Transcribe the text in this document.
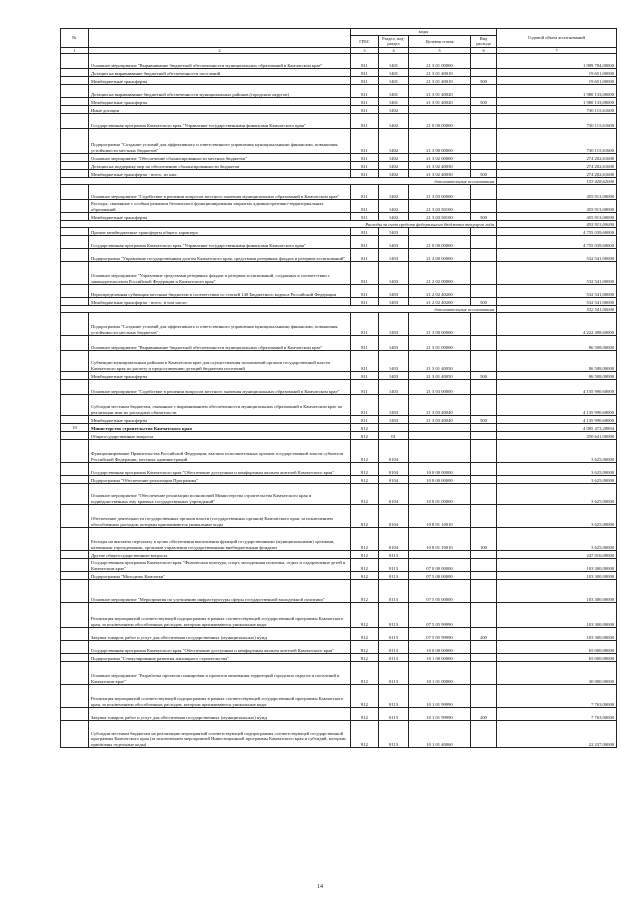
№		коды				Годовой объем ассигнований
		ГРБС	Раздел, под-раздел	Целевая статья	Вид расхода	
1	2	3	4	5	6	7
	Основное мероприятие "Выравнивание бюджетной обеспеченности муниципальных образований в Камчатском крае"	811	1401	21 3 01 00000		1 999 784,00000
	Дотации на выравнивание бюджетной обеспеченности поселений	811	1401	21 3 01 40010		19 651,00000
	Межбюджетные трансферты	811	1401	21 3 01 40010	500	19 651,00000
	Дотации на выравнивание бюджетной обеспеченности муниципальных районов (городских округов)	811	1401	21 3 01 40020		1 980 133,00000
	Межбюджетные трансферты	811	1401	21 3 01 40020	500	1 980 133,00000
	Иные дотации	811	1402			730 115,61600
	Государственная программа Камчатского края "Управление государственными финансами Камчатского края"	811	1402	21 0 00 00000		730 115,61600
	Подпрограмма "Создание условий для эффективного и ответственного управления муниципальными финансами, повышения устойчивости местных бюджетов"	811	1402	21 3 00 00000		730 115,61600
	Основное мероприятие "Обеспечение сбалансированности местных бюджетов"	811	1402	21 3 02 00000		274 202,61600
	Дотации на поддержку мер по обеспечению сбалансированности бюджетов	811	1402	21 3 02 40030		274 202,61600
	Межбюджетные трансферты - всего, из них:	811	1402	21 3 02 40030	500	274 202,61600
дополнительные ассигнования						153 428,62000
	Основное мероприятие "Содействие в решении вопросов местного значения муниципальных образований в Камчатском крае"	811	1402	21 3 03 00000		455 913,00000
	Расходы, связанные с особым режимом безопасного функционирования закрытых административно-территориальных образований	811	1402	21 3 03 50100		455 913,00000
	Межбюджетные трансферты	811	1402	21 3 03 50100	500	455 913,00000
Расходы за счет средств федерального бюджета текущего года						455 913,00000
	Прочие межбюджетные трансферты общего характера	811	1403			4 755 039,60000
	Государственная программа Камчатского края "Управление государственными финансами Камчатского края"	811	1403	21 0 00 00000		4 755 039,60000
	Подпрограмма "Управление государственным долгом Камчатского края, средствами резервных фондов и резервов ассигнований"	811	1403	21 2 00 00000		532 541,00000
	Основное мероприятие "Управление средствами резервных фондов и резервов ассигнований, созданных в соответствии с законодательством Российской Федерации и Камчатского края"	811	1403	21 2 02 00000		532 541,00000
	Нераспределенная субвенция местным бюджетам в соответствии со статьей 140 Бюджетного кодекса Российской Федерации	811	1403	21 2 02 40200		532 541,00000
	Межбюджетные трансферты - всего, в том числе:	811	1403	21 2 02 40200	500	532 541,00000
дополнительные ассигнования						532 541,00000
	Подпрограмма "Создание условий для эффективного и ответственного управления муниципальными финансами, повышения устойчивости местных бюджетов"	811	1403	21 3 00 00000		4 222 498,60000
	Основное мероприятие "Выравнивание бюджетной обеспеченности муниципальных образований в Камчатском крае"	811	1403	21 3 01 00000		86 508,00000
	Субвенции муниципальным районам в Камчатском крае для осуществления полномочий органов государственной власти Камчатского края по расчету и предоставлению дотаций бюджетам поселений	811	1403	21 3 01 40050		86 508,00000
	Межбюджетные трансферты	811	1403	21 3 01 40050	500	86 508,00000
	Основное мероприятие "Содействие в решении вопросов местного значения муниципальных образований в Камчатском крае"	811	1403	21 3 03 00000		4 135 990,60000
	Субсидии местным бюджетам, связанные с выравниванием обеспеченности муниципальных образований в Камчатском крае по реализации ими их расходных обязательств	811	1403	21 3 03 40040		4 135 990,60000
	Межбюджетные трансферты	811	1403	21 3 03 40040	500	4 135 990,60000
10	Министерство строительства Камчатского края	812				4 085 473,28894
	Общегосударственные вопросы	812	01			250 641,00000
	Функционирование Правительства Российской Федерации, высших исполнительных органов государственной власти субъектов Российской Федерации, местных администраций	812	0104			3 625,00000
	Государственная программа Камчатского края "Обеспечение доступным и комфортным жильем жителей Камчатского края"	812	0104	10 0 00 00000		3 625,00000
	Подпрограмма "Обеспечение реализации Программы"	812	0104	10 8 00 00000		3 625,00000
	Основное мероприятие "Обеспечение реализации полномочий Министерства строительства Камчатского края и подведомственных ему краевых государственных учреждений"	812	0104	10 8 01 00000		3 625,00000
	Обеспечение деятельности государственных органов власти (государственных органов) Камчатского края, за исключением обособленных расходов, которым присваиваются уникальные коды	812	0104	10 8 01 10010		3 625,00000
	Расходы на выплаты персоналу в целях обеспечения выполнения функций государственными (муниципальными) органами, казенными учреждениями, органами управления государственными внебюджетными фондами	812	0104	10 8 01 10010	100	3 625,00000
	Другие общегосударственные вопросы	812	0113			247 016,00000
	Государственная программа Камчатского края "Физическая культура, спорт, молодежная политика, отдых и оздоровление детей в Камчатском крае"	812	0113	07 0 00 00000		103 300,00000
	Подпрограмма "Молодежь Камчатки"	812	0113	07 5 00 00000		103 300,00000
	Основное мероприятие "Мероприятия по улучшению инфраструктуры сферы государственной молодежной политики"	812	0113	07 5 05 00000		103 300,00000
	Реализация мероприятий соответствующей подпрограммы в рамках соответствующей государственной программы Камчатского края, за исключением обособленных расходов, которым присваиваются уникальные коды	812	0113	07 5 05 99990		103 300,00000
	Закупка товаров, работ и услуг для обеспечения государственных (муниципальных) нужд	812	0113	07 5 05 99990	200	103 300,00000
	Государственная программа Камчатского края "Обеспечение доступным и комфортным жильем жителей Камчатского края"	812	0113	10 0 00 00000		65 000,00000
	Подпрограмма "Стимулирование развития жилищного строительства"	812	0113	10 1 00 00000		65 000,00000
	Основное мероприятие "Разработка проектов планировки и проектов межевания территорий городских округов и поселений в Камчатском крае"	812	0113	10 1 01 00000		30 000,00000
	Реализация мероприятий соответствующей подпрограммы в рамках соответствующей государственной программы Камчатского края, за исключением обособленных расходов, которым присваиваются уникальные коды	812	0113	10 1 01 99990		7 763,00000
	Закупка товаров, работ и услуг для обеспечения государственных (муниципальных) нужд	812	0113	10 1 01 99990	200	7 763,00000
	Субсидии местным бюджетам на реализацию мероприятий соответствующей подпрограммы соответствующей государственной программы Камчатского края (за исключением мероприятий Инвестиционной программы Камчатского края и субсидий, которым присвоены отдельные коды)	812	0113	10 1 01 40060		22 237,00000
14
